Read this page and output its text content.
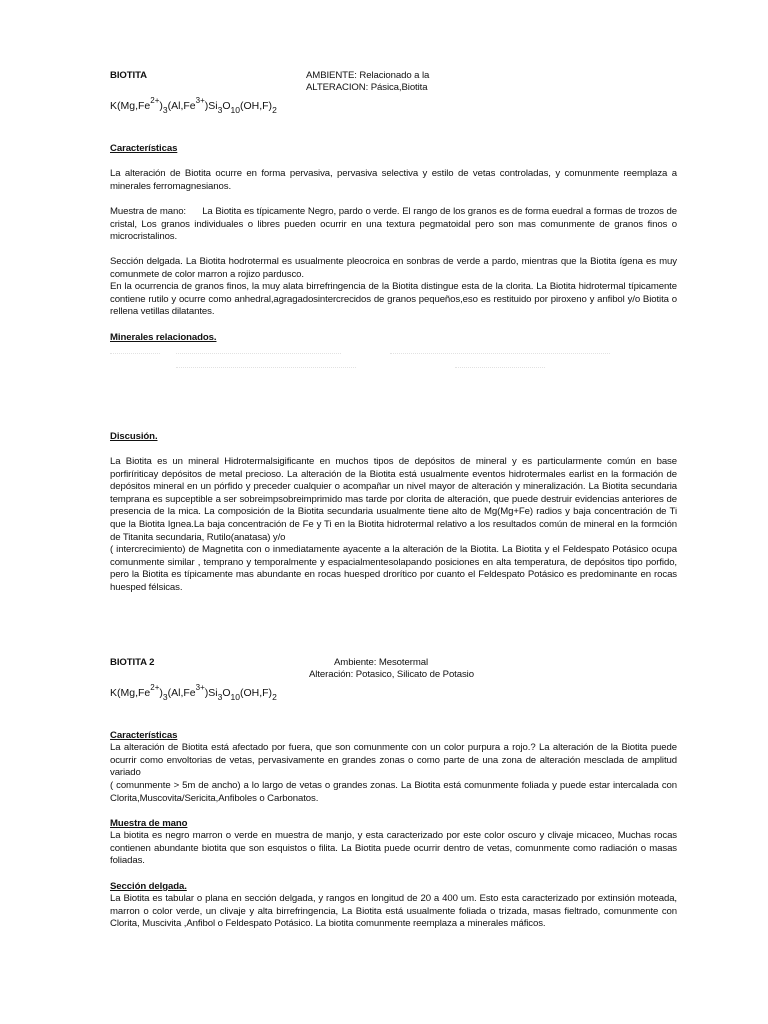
BIOTITA	AMBIENTE: Relacionado a la
ALTERACION: Pásica,Biotita
$K(Mg,Fe^{2+})_3(Al,Fe^{3+})Si_3O_{10}(OH,F)_2$
Características

La alteración de Biotita ocurre en forma pervasiva, pervasiva selectiva y estilo de vetas controladas, y comunmente reemplaza a minerales ferromagnesianos.

Muestra de mano:      La Biotita es típicamente Negro, pardo o verde. El rango de los granos es de forma euedral a formas de trozos de cristal, Los granos individuales o libres pueden ocurrir en una textura pegmatoidal pero son mas comunmente de granos finos o microcristalinos.

Sección delgada. La Biotita hodrotermal es usualmente pleocroica en sonbras de verde a pardo, mientras que la Biotita ígena es muy comunmete de color marron a rojizo pardusco.

En la ocurrencia de granos finos, la muy alata birrefringencia de la Biotita distingue esta de la clorita. La Biotita hidrotermal típicamente contiene rutilo y ocurre como anhedral,agragadosintercrecidos de granos pequeños,eso es restituido por piroxeno y anfibol y/o Biotita o rellena vetillas dilatantes.

Minerales relacionados.
Discusión.

La Biotita es un mineral Hidrotermalsigificante en muchos tipos de depósitos de mineral y es particularmente común en base porfiríriticay depósitos de metal precioso. La alteración de la Biotita está usualmente eventos hidrotermales earlist en la formación de depósitos mineral en un pórfido y preceder cualquier o acompañar un nivel mayor de alteración y mineralización. La Biotita secundaria temprana es supceptible a ser sobreimpsobreimprimido mas tarde por clorita de alteración, que puede destruir evidencias anteriores de presencia de la mica. La composición de la Biotita secundaria usualmente tiene alto de Mg(Mg+Fe) radios y baja concentración de Ti que la Biotita Ignea.La baja concentración de Fe y Ti en la Biotita hidrotermal relativo a los resultados común de mineral en la formción de Titanita secundaria, Rutilo(anatasa) y/o

( intercrecimiento) de Magnetita con o inmediatamente ayacente a la alteración de la Biotita. La Biotita y el Feldespato Potásico ocupa comunmente similar , temprano y temporalmente y espacialmentesolapando posiciones en alta temperatura, de depósitos tipo porfido, pero la Biotita es típicamente mas abundante en rocas huesped drorítico por cuanto el Feldespato Potásico es predominante en rocas huesped félsicas.

BIOTITA 2	Ambiente: Mesotermal
Alteración: Potasico, Silicato de Potasio
$K(Mg,Fe^{2+})_3(Al,Fe^{3+})Si_3O_{10}(OH,F)_2$
Características

La alteración de Biotita está afectado por fuera, que son comunmente con un color purpura a rojo.? La alteración de la Biotita puede ocurrir como envoltorias de vetas, pervasivamente en grandes zonas o como parte de una zona de alteración mesclada de amplitud variado

( comunmente > 5m de ancho) a lo largo de vetas o grandes zonas. La Biotita está comunmente foliada y puede estar intercalada con Clorita,Muscovita/Sericita,Anfiboles o Carbonatos.

Muestra de mano

La biotita es negro marron o verde en muestra de manjo, y esta caracterizado por este color oscuro y clivaje micaceo, Muchas rocas contienen abundante biotita que son esquistos o filita. La Biotita puede ocurrir dentro de vetas, comunmente como radiación o masas foliadas.

Sección delgada.

La Biotita es tabular o plana en sección delgada, y rangos en longitud de 20 a 400 um. Esto esta caracterizado por extinsión moteada, marron o color verde, un clivaje y alta birrefringencia, La Biotita está usualmente foliada o trizada, masas fieltrado, comunmente con Clorita, Muscivita ,Anfibol o Feldespato Potásico. La biotita comunmente reemplaza a minerales máficos.
